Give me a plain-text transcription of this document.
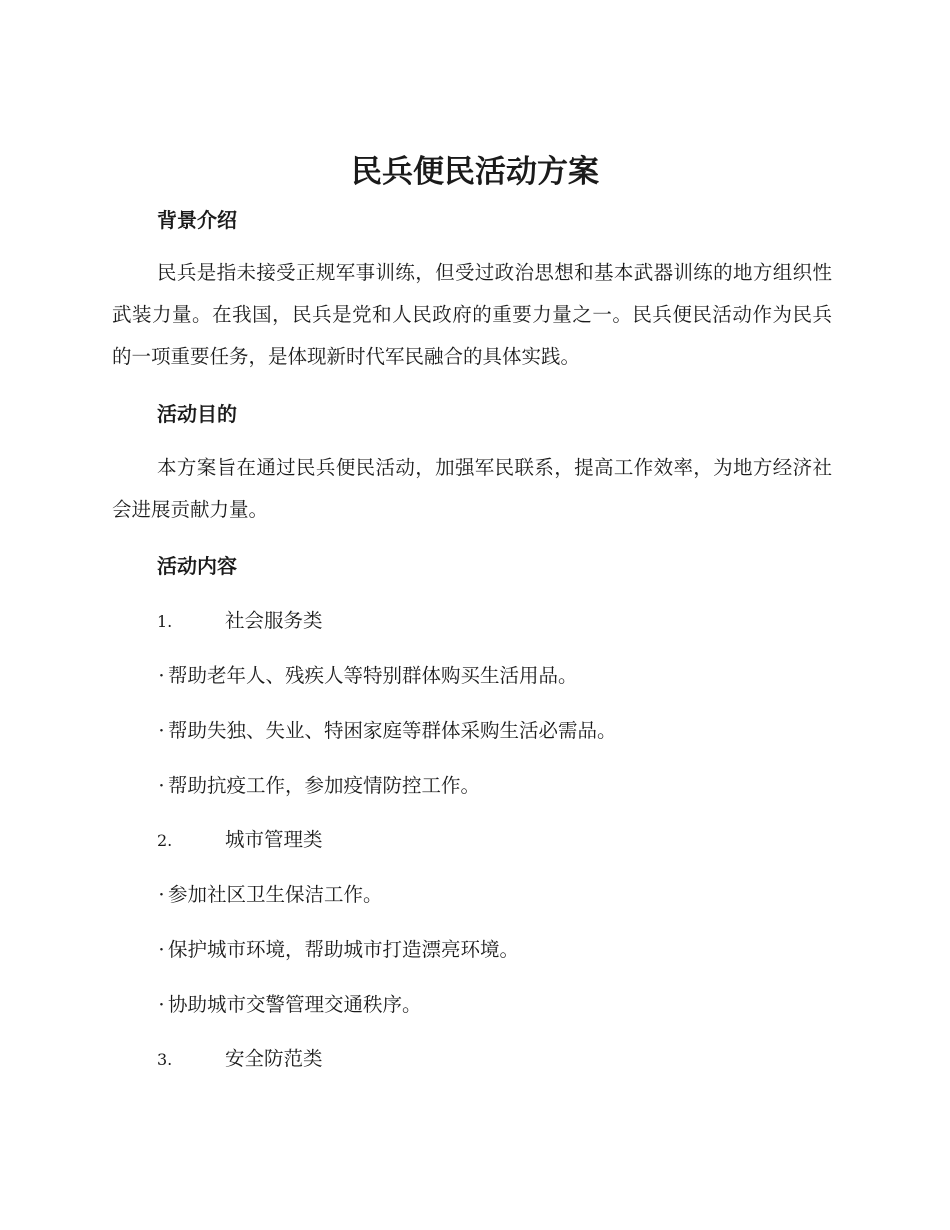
民兵便民活动方案
背景介绍

民兵是指未接受正规军事训练，但受过政治思想和基本武器训练的地方组织性武装力量。在我国，民兵是党和人民政府的重要力量之一。民兵便民活动作为民兵的一项重要任务，是体现新时代军民融合的具体实践。

活动目的

本方案旨在通过民兵便民活动，加强军民联系，提高工作效率，为地方经济社会进展贡献力量。

活动内容
1.	社会服务类
· 帮助老年人、残疾人等特别群体购买生活用品。
· 帮助失独、失业、特困家庭等群体采购生活必需品。
· 帮助抗疫工作，参加疫情防控工作。
2.	城市管理类
· 参加社区卫生保洁工作。
· 保护城市环境，帮助城市打造漂亮环境。
· 协助城市交警管理交通秩序。
3.	安全防范类
